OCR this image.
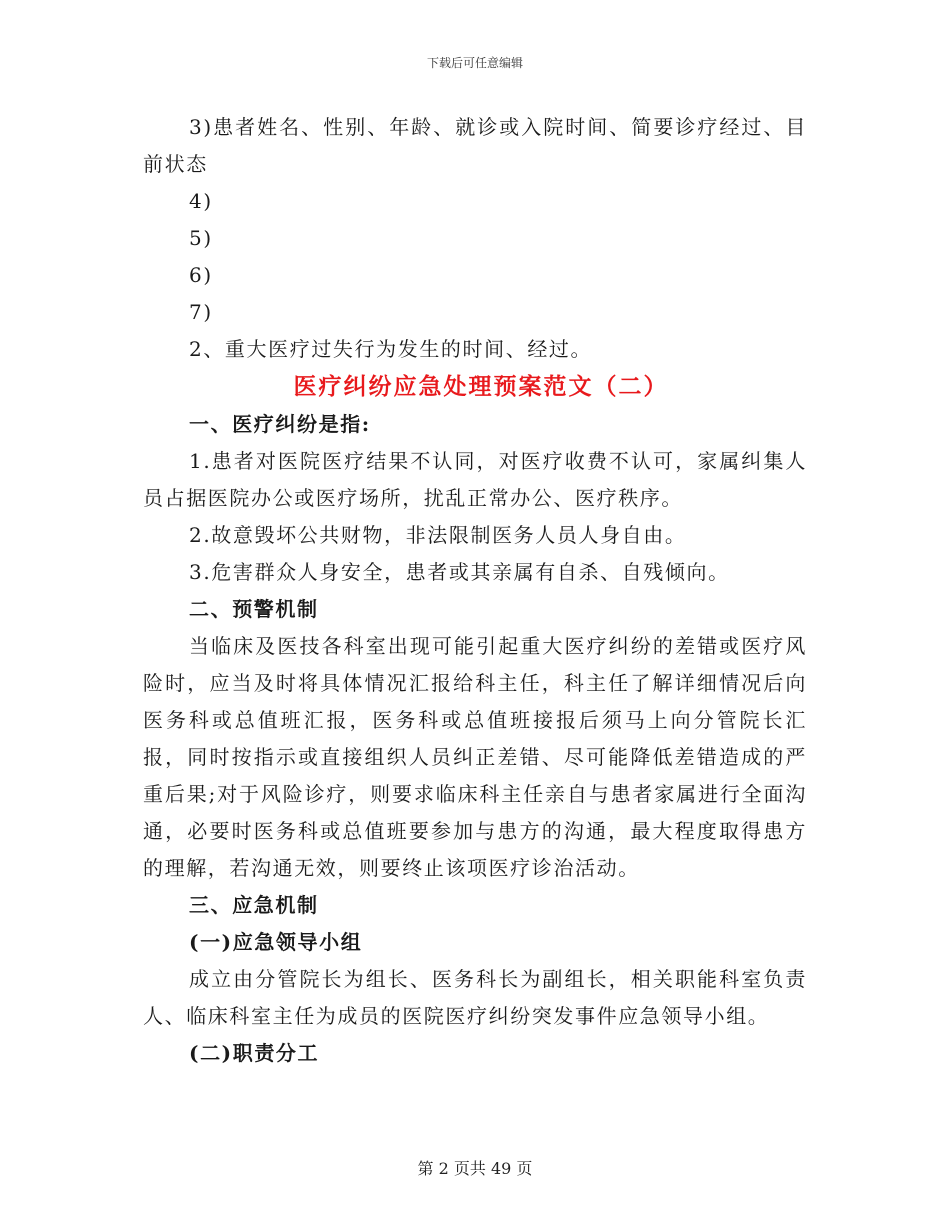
下载后可任意编辑

3)患者姓名、性别、年龄、就诊或入院时间、简要诊疗经过、目前状态

4)

5)

6)

7)

2、重大医疗过失行为发生的时间、经过。

医疗纠纷应急处理预案范文（二）

一、医疗纠纷是指:

1.患者对医院医疗结果不认同，对医疗收费不认可，家属纠集人员占据医院办公或医疗场所，扰乱正常办公、医疗秩序。

2.故意毁坏公共财物，非法限制医务人员人身自由。

3.危害群众人身安全，患者或其亲属有自杀、自残倾向。

二、预警机制

当临床及医技各科室出现可能引起重大医疗纠纷的差错或医疗风险时，应当及时将具体情况汇报给科主任，科主任了解详细情况后向医务科或总值班汇报，医务科或总值班接报后须马上向分管院长汇报，同时按指示或直接组织人员纠正差错、尽可能降低差错造成的严重后果;对于风险诊疗，则要求临床科主任亲自与患者家属进行全面沟通，必要时医务科或总值班要参加与患方的沟通，最大程度取得患方的理解，若沟通无效，则要终止该项医疗诊治活动。

三、应急机制

(一)应急领导小组

成立由分管院长为组长、医务科长为副组长，相关职能科室负责人、临床科室主任为成员的医院医疗纠纷突发事件应急领导小组。

(二)职责分工

第 2 页共 49 页
